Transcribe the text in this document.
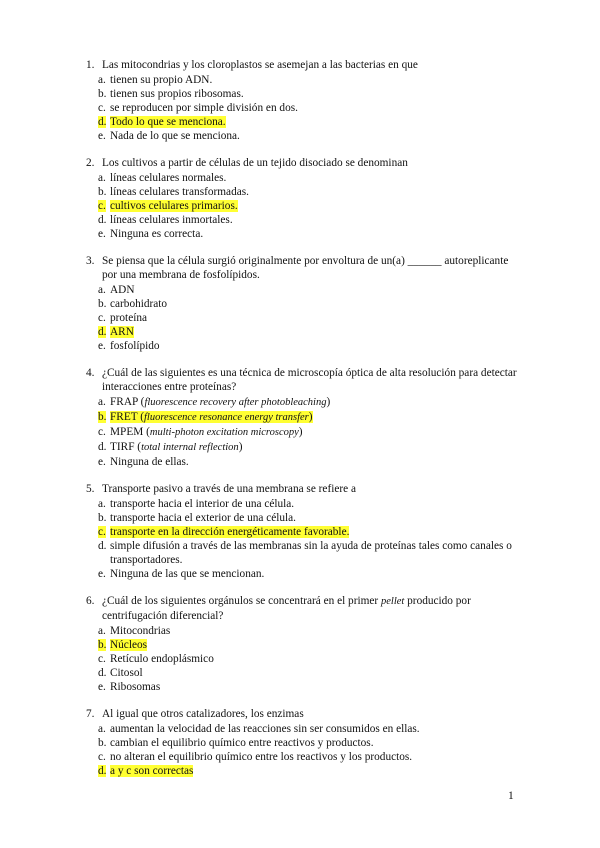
1. Las mitocondrias y los cloroplastos se asemejan a las bacterias en que
a. tienen su propio ADN.
b. tienen sus propios ribosomas.
c. se reproducen por simple división en dos.
d. Todo lo que se menciona.
e. Nada de lo que se menciona.
2. Los cultivos a partir de células de un tejido disociado se denominan
a. líneas celulares normales.
b. líneas celulares transformadas.
c. cultivos celulares primarios.
d. líneas celulares inmortales.
e. Ninguna es correcta.
3. Se piensa que la célula surgió originalmente por envoltura de un(a) ______ autoreplicante por una membrana de fosfolípidos.
a. ADN
b. carbohidrato
c. proteína
d. ARN
e. fosfolípido
4. ¿Cuál de las siguientes es una técnica de microscopía óptica de alta resolución para detectar interacciones entre proteínas?
a. FRAP (fluorescence recovery after photobleaching)
b. FRET (fluorescence resonance energy transfer)
c. MPEM (multi-photon excitation microscopy)
d. TIRF (total internal reflection)
e. Ninguna de ellas.
5. Transporte pasivo a través de una membrana se refiere a
a. transporte hacia el interior de una célula.
b. transporte hacia el exterior de una célula.
c. transporte en la dirección energéticamente favorable.
d. simple difusión a través de las membranas sin la ayuda de proteínas tales como canales o transportadores.
e. Ninguna de las que se mencionan.
6. ¿Cuál de los siguientes orgánulos se concentrará en el primer pellet producido por centrifugación diferencial?
a. Mitocondrias
b. Núcleos
c. Retículo endoplásmico
d. Citosol
e. Ribosomas
7. Al igual que otros catalizadores, los enzimas
a. aumentan la velocidad de las reacciones sin ser consumidos en ellas.
b. cambian el equilibrio químico entre reactivos y productos.
c. no alteran el equilibrio químico entre los reactivos y los productos.
d. a y c son correctas
1
